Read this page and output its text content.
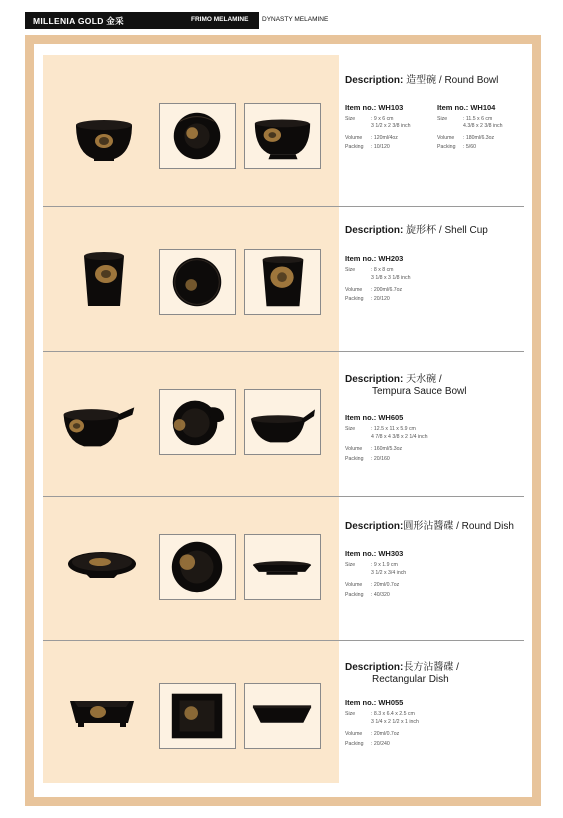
MILLENIA GOLD 金采	FRIMO MELAMINE DYNASTY MELAMINE
Description: 造型碗 / Round Bowl
Item no.: WH103
Size	: 9 x 6 cm
3 1/2 x 2 3/8 inch
Volume : 120ml/4oz
Packing : 10/120
Item no.: WH104
Size	: 11.5 x 6 cm
4.3/8 x 2 3/8 inch
Volume : 180ml/6.3oz
Packing : 5/60
Description: 旋形杯 / Shell Cup
Item no.: WH203
Size	: 8 x 8 cm
3 1/8 x 3 1/8 inch
Volume : 200ml/6.7oz
Packing : 20/120
Description: 天水碗 /
Tempura Sauce Bowl
Item no.: WH605
Size	: 12.5 x 11 x 5.9 cm
4 7/8 x 4 3/8 x 2 1/4 inch
Volume : 160ml/5.3oz
Packing : 20/160
Description:圓形沾醬碟 / Round Dish
Item no.: WH303
Size	: 9 x 1.9 cm
3 1/2 x 3/4 inch
Volume : 20ml/0.7oz
Packing : 40/320
Description:長方沾醬碟 /
Rectangular Dish
Item no.: WH055
Size	: 8.3 x 6.4 x 2.5 cm
3 1/4 x 2 1/2 x 1 inch
Volume : 20ml/0.7oz
Packing : 20/240
